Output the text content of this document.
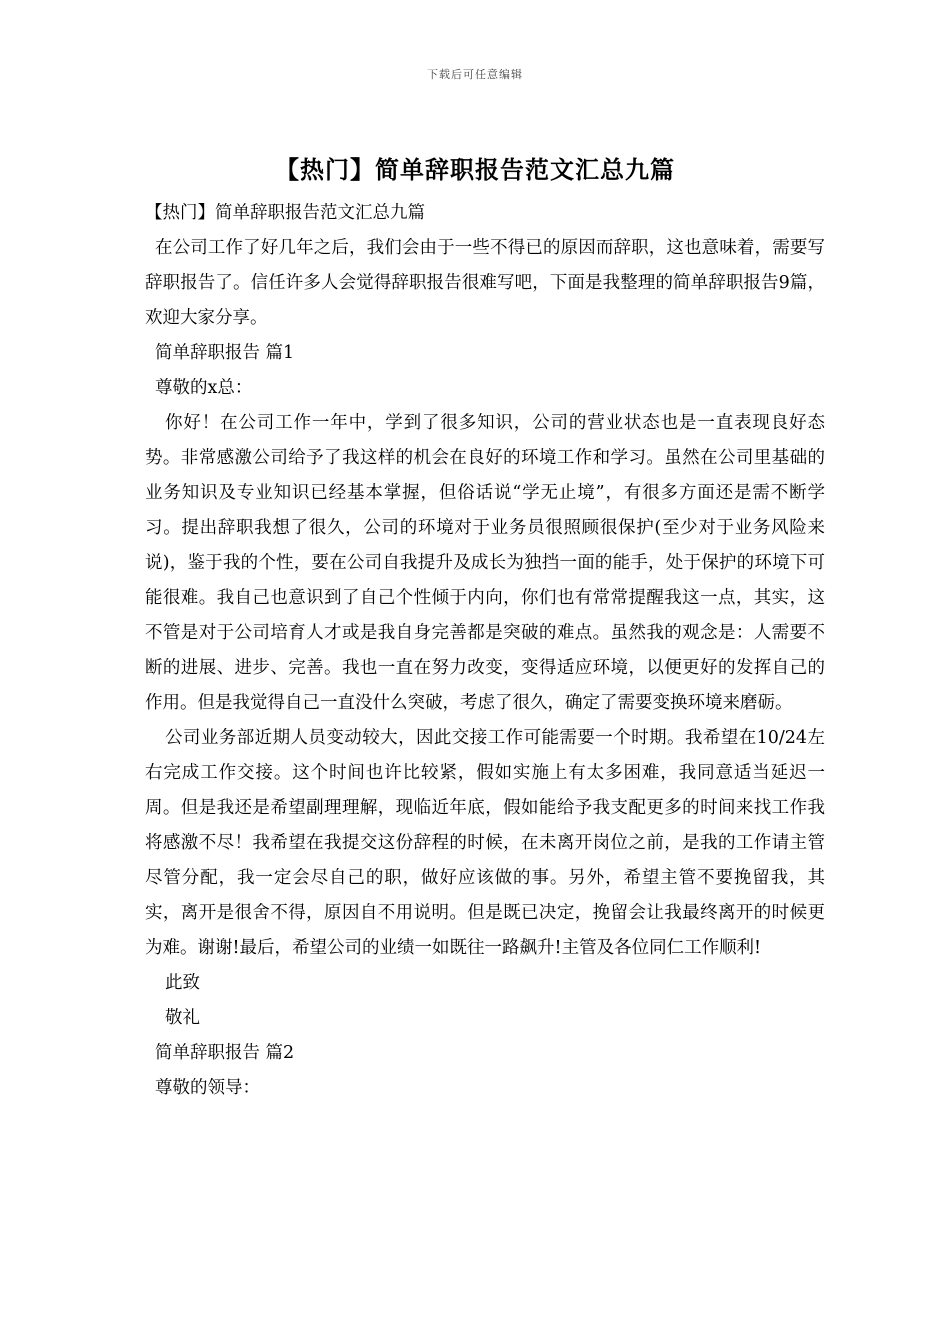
下载后可任意编辑
【热门】简单辞职报告范文汇总九篇

【热门】简单辞职报告范文汇总九篇

在公司工作了好几年之后，我们会由于一些不得已的原因而辞职，这也意味着，需要写辞职报告了。信任许多人会觉得辞职报告很难写吧，下面是我整理的简单辞职报告9篇，欢迎大家分享。

简单辞职报告 篇1

尊敬的x总：

你好！在公司工作一年中，学到了很多知识，公司的营业状态也是一直表现良好态势。非常感激公司给予了我这样的机会在良好的环境工作和学习。虽然在公司里基础的业务知识及专业知识已经基本掌握，但俗话说“学无止境”，有很多方面还是需不断学习。提出辞职我想了很久，公司的环境对于业务员很照顾很保护(至少对于业务风险来说)，鉴于我的个性，要在公司自我提升及成长为独挡一面的能手，处于保护的环境下可能很难。我自己也意识到了自己个性倾于内向，你们也有常常提醒我这一点，其实，这不管是对于公司培育人才或是我自身完善都是突破的难点。虽然我的观念是：人需要不断的进展、进步、完善。我也一直在努力改变，变得适应环境，以便更好的发挥自己的作用。但是我觉得自己一直没什么突破，考虑了很久，确定了需要变换环境来磨砺。

公司业务部近期人员变动较大，因此交接工作可能需要一个时期。我希望在10/24左右完成工作交接。这个时间也许比较紧，假如实施上有太多困难，我同意适当延迟一周。但是我还是希望副理理解，现临近年底，假如能给予我支配更多的时间来找工作我将感激不尽！我希望在我提交这份辞程的时候，在未离开岗位之前，是我的工作请主管尽管分配，我一定会尽自己的职，做好应该做的事。另外，希望主管不要挽留我，其实，离开是很舍不得，原因自不用说明。但是既已决定，挽留会让我最终离开的时候更为难。谢谢!最后，希望公司的业绩一如既往一路飙升!主管及各位同仁工作顺利!

此致

敬礼

简单辞职报告 篇2

尊敬的领导：
